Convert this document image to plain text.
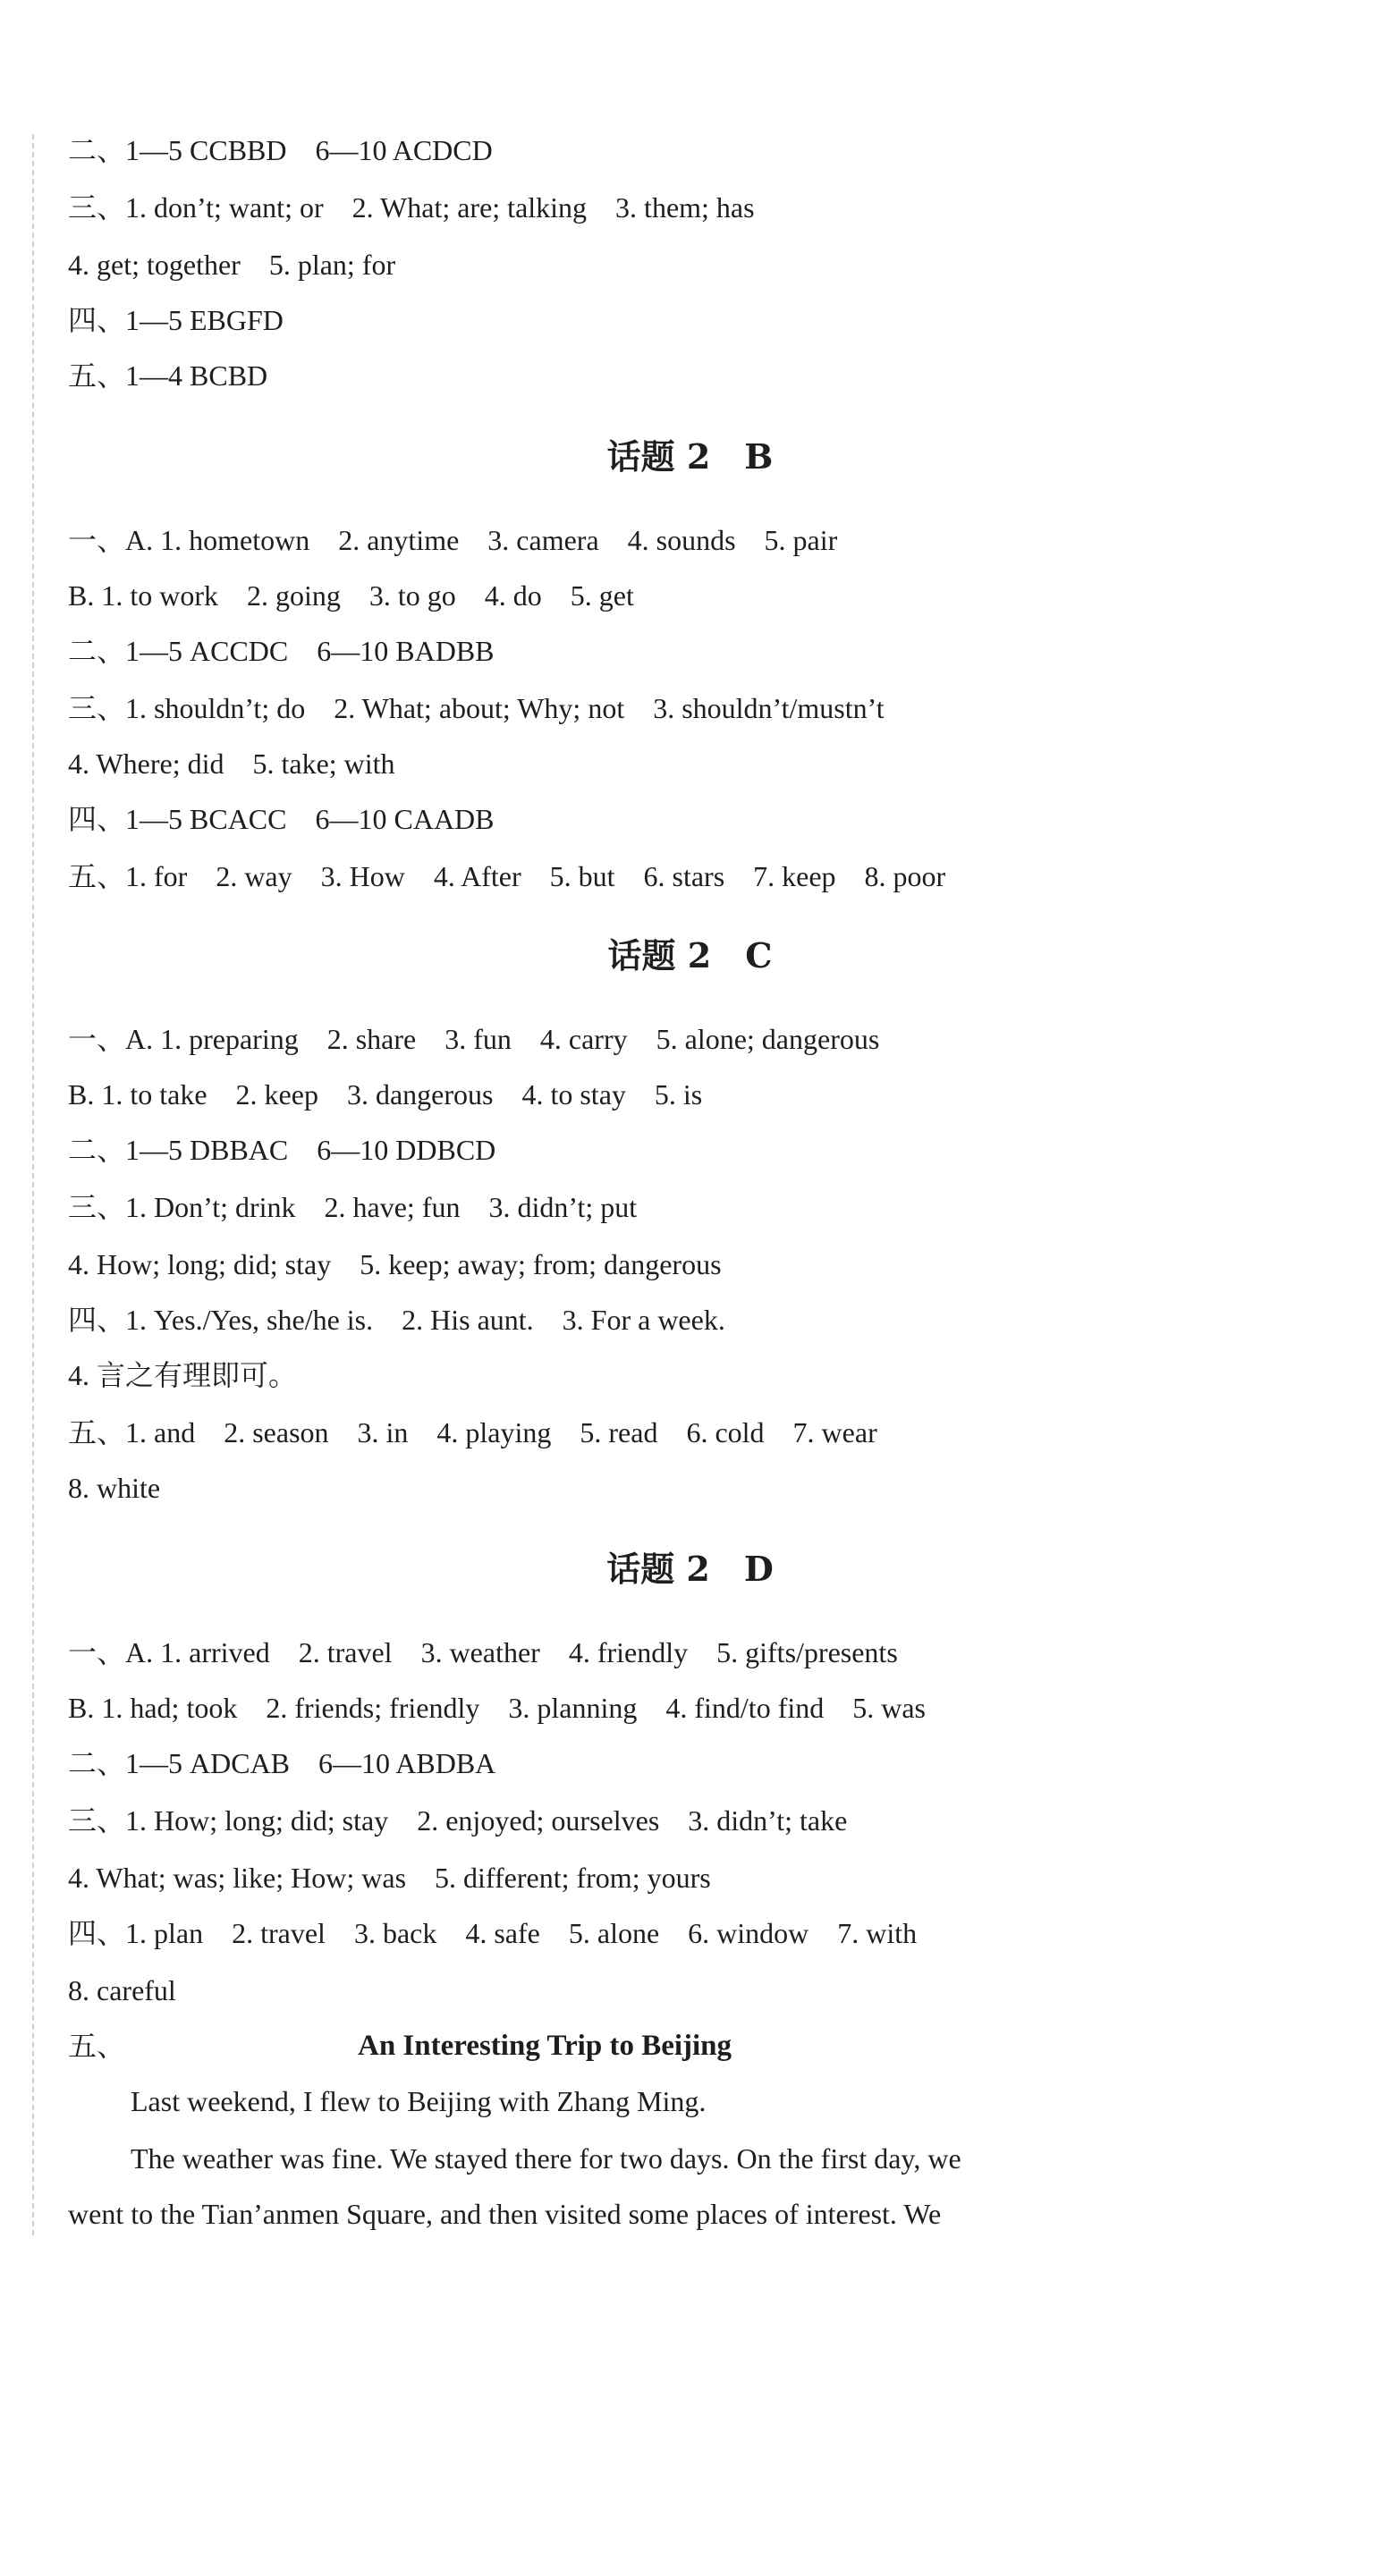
二、1—5 CCBBD　6—10 ACDCD
三、1. don’t; want; or　2. What; are; talking　3. them; has
4. get; together　5. plan; for
四、1—5 EBGFD
五、1—4 BCBD
话题 2　B
一、A. 1. hometown　2. anytime　3. camera　4. sounds　5. pair
B. 1. to work　2. going　3. to go　4. do　5. get
二、1—5 ACCDC　6—10 BADBB
三、1. shouldn’t; do　2. What; about; Why; not　3. shouldn’t/mustn’t
4. Where; did　5. take; with
四、1—5 BCACC　6—10 CAADB
五、1. for　2. way　3. How　4. After　5. but　6. stars　7. keep　8. poor
话题 2　C
一、A. 1. preparing　2. share　3. fun　4. carry　5. alone; dangerous
B. 1. to take　2. keep　3. dangerous　4. to stay　5. is
二、1—5 DBBAC　6—10 DDBCD
三、1. Don’t; drink　2. have; fun　3. didn’t; put
4. How; long; did; stay　5. keep; away; from; dangerous
四、1. Yes./Yes, she/he is.　2. His aunt.　3. For a week.
4. 言之有理即可。
五、1. and　2. season　3. in　4. playing　5. read　6. cold　7. wear
8. white
话题 2　D
一、A. 1. arrived　2. travel　3. weather　4. friendly　5. gifts/presents
B. 1. had; took　2. friends; friendly　3. planning　4. find/to find　5. was
二、1—5 ADCAB　6—10 ABDBA
三、1. How; long; did; stay　2. enjoyed; ourselves　3. didn’t; take
4. What; was; like; How; was　5. different; from; yours
四、1. plan　2. travel　3. back　4. safe　5. alone　6. window　7. with
8. careful
五、	An Interesting Trip to Beijing
Last weekend, I flew to Beijing with Zhang Ming.
The weather was fine. We stayed there for two days. On the first day, we
went to the Tian’anmen Square, and then visited some places of interest. We
